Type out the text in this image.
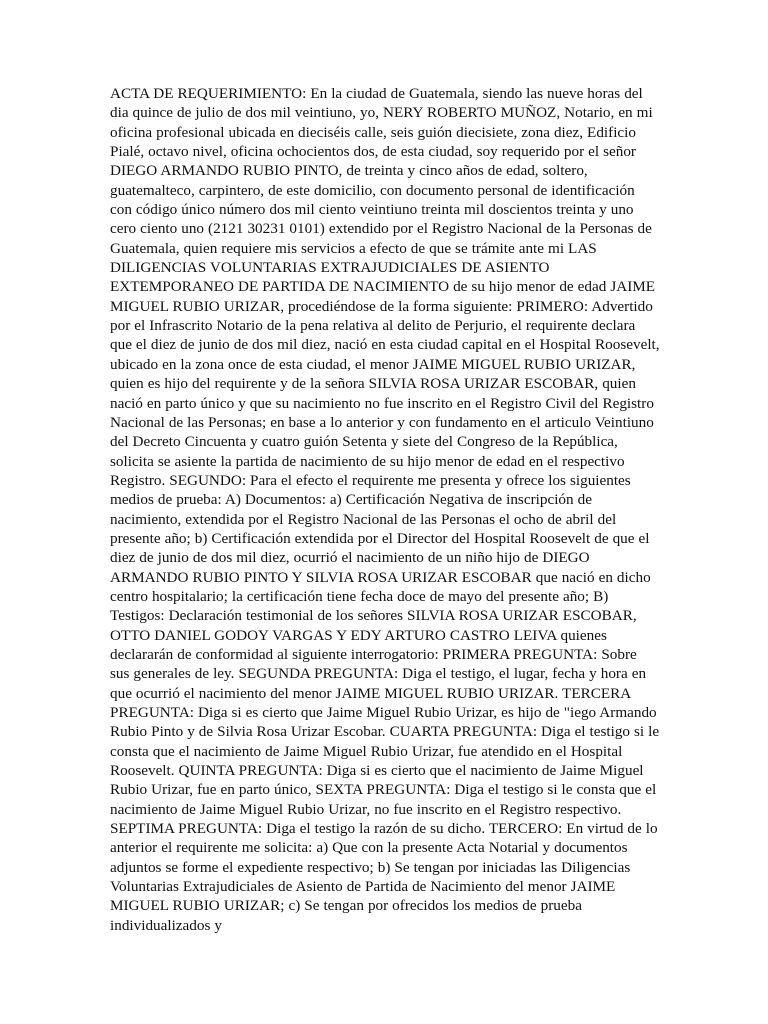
ACTA DE REQUERIMIENTO: En la ciudad de Guatemala, siendo las nueve horas del dia quince de julio de dos mil veintiuno, yo, NERY ROBERTO MUÑOZ, Notario, en mi oficina profesional ubicada en dieciséis calle, seis guión diecisiete, zona diez, Edificio Pialé, octavo nivel, oficina ochocientos dos, de esta ciudad, soy requerido por el señor DIEGO ARMANDO RUBIO PINTO, de treinta y cinco años de edad, soltero, guatemalteco, carpintero, de este domicilio, con documento personal de identificación con código único número dos mil ciento veintiuno treinta mil doscientos treinta y uno cero ciento uno (2121 30231 0101) extendido por el Registro Nacional de la Personas de Guatemala, quien requiere mis servicios a efecto de que se trámite ante mi LAS DILIGENCIAS VOLUNTARIAS EXTRAJUDICIALES DE ASIENTO EXTEMPORANEO DE PARTIDA DE NACIMIENTO de su hijo menor de edad JAIME MIGUEL RUBIO URIZAR, procediéndose de la forma siguiente: PRIMERO: Advertido por el Infrascrito Notario de la pena relativa al delito de Perjurio, el requirente declara que el diez de junio de dos mil diez, nació en esta ciudad capital en el Hospital Roosevelt, ubicado en la zona once de esta ciudad, el menor JAIME MIGUEL RUBIO URIZAR, quien es hijo del requirente y de la señora SILVIA ROSA URIZAR ESCOBAR, quien nació en parto único y que su nacimiento no fue inscrito en el Registro Civil del Registro Nacional de las Personas; en base a lo anterior y con fundamento en el articulo Veintiuno del Decreto Cincuenta y cuatro guión Setenta y siete del Congreso de la República, solicita se asiente la partida de nacimiento de su hijo menor de edad en el respectivo Registro. SEGUNDO: Para el efecto el requirente me presenta y ofrece los siguientes medios de prueba: A) Documentos: a) Certificación Negativa de inscripción de nacimiento, extendida por el Registro Nacional de las Personas el ocho de abril del presente año; b) Certificación extendida por el Director del Hospital Roosevelt de que el diez de junio de dos mil diez, ocurrió el nacimiento de un niño hijo de DIEGO ARMANDO RUBIO PINTO Y SILVIA ROSA URIZAR ESCOBAR que nació en dicho centro hospitalario; la certificación tiene fecha doce de mayo del presente año; B) Testigos: Declaración testimonial de los señores SILVIA ROSA URIZAR ESCOBAR, OTTO DANIEL GODOY VARGAS Y EDY ARTURO CASTRO LEIVA quienes declararán de conformidad al siguiente interrogatorio: PRIMERA PREGUNTA: Sobre sus generales de ley. SEGUNDA PREGUNTA: Diga el testigo, el lugar, fecha y hora en que ocurrió el nacimiento del menor JAIME MIGUEL RUBIO URIZAR. TERCERA PREGUNTA: Diga si es cierto que Jaime Miguel Rubio Urizar, es hijo de "iego Armando Rubio Pinto y de Silvia Rosa Urizar Escobar. CUARTA PREGUNTA: Diga el testigo si le consta que el nacimiento de Jaime Miguel Rubio Urizar, fue atendido en el Hospital Roosevelt. QUINTA PREGUNTA: Diga si es cierto que el nacimiento de Jaime Miguel Rubio Urizar, fue en parto único, SEXTA PREGUNTA: Diga el testigo si le consta que el nacimiento de Jaime Miguel Rubio Urizar, no fue inscrito en el Registro respectivo. SEPTIMA PREGUNTA: Diga el testigo la razón de su dicho. TERCERO: En virtud de lo anterior el requirente me solicita: a) Que con la presente Acta Notarial y documentos adjuntos se forme el expediente respectivo; b) Se tengan por iniciadas las Diligencias Voluntarias Extrajudiciales de Asiento de Partida de Nacimiento del menor JAIME MIGUEL RUBIO URIZAR; c) Se tengan por ofrecidos los medios de prueba individualizados y
